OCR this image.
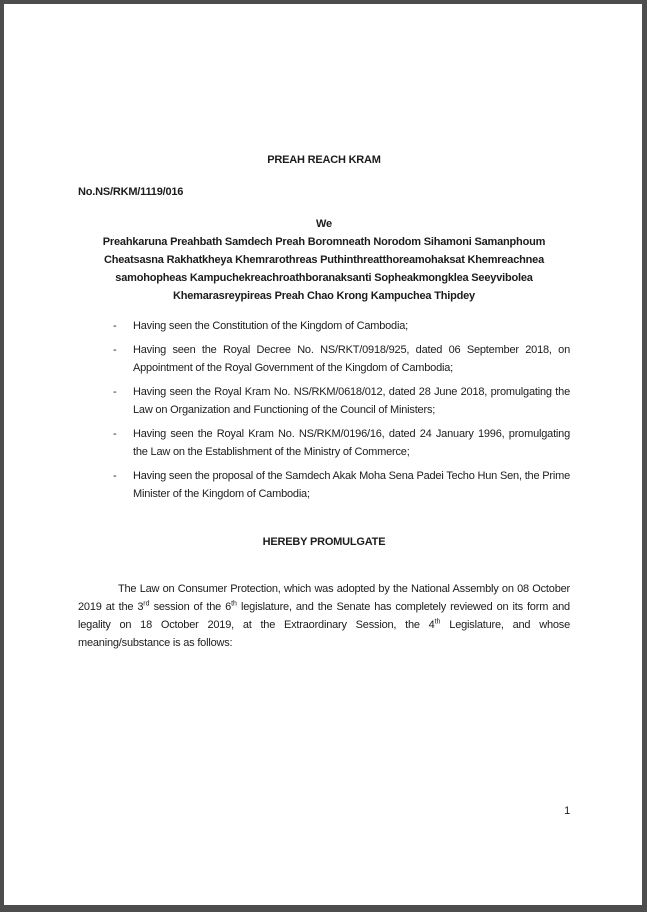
PREAH REACH KRAM
No.NS/RKM/1119/016
We
Preahkaruna Preahbath Samdech Preah Boromneath Norodom Sihamoni Samanphoum Cheatsasna Rakhatkheya Khemrarothreas Puthinthreatthoreamohaksat Khemreachnea samohopheas Kampuchekreachroathboranaksanti Sopheakmongklea Seeyvibolea Khemarasreypireas Preah Chao Krong Kampuchea Thipdey
-	Having seen the Constitution of the Kingdom of Cambodia;
-	Having seen the Royal Decree No. NS/RKT/0918/925, dated 06 September 2018, on Appointment of the Royal Government of the Kingdom of Cambodia;
-	Having seen the Royal Kram No. NS/RKM/0618/012, dated 28 June 2018, promulgating the Law on Organization and Functioning of the Council of Ministers;
-	Having seen the Royal Kram No. NS/RKM/0196/16, dated 24 January 1996, promulgating the Law on the Establishment of the Ministry of Commerce;
-	Having seen the proposal of the Samdech Akak Moha Sena Padei Techo Hun Sen, the Prime Minister of the Kingdom of Cambodia;
HEREBY PROMULGATE
The Law on Consumer Protection, which was adopted by the National Assembly on 08 October 2019 at the 3rd session of the 6th legislature, and the Senate has completely reviewed on its form and legality on 18 October 2019, at the Extraordinary Session, the 4th Legislature, and whose meaning/substance is as follows:
1
